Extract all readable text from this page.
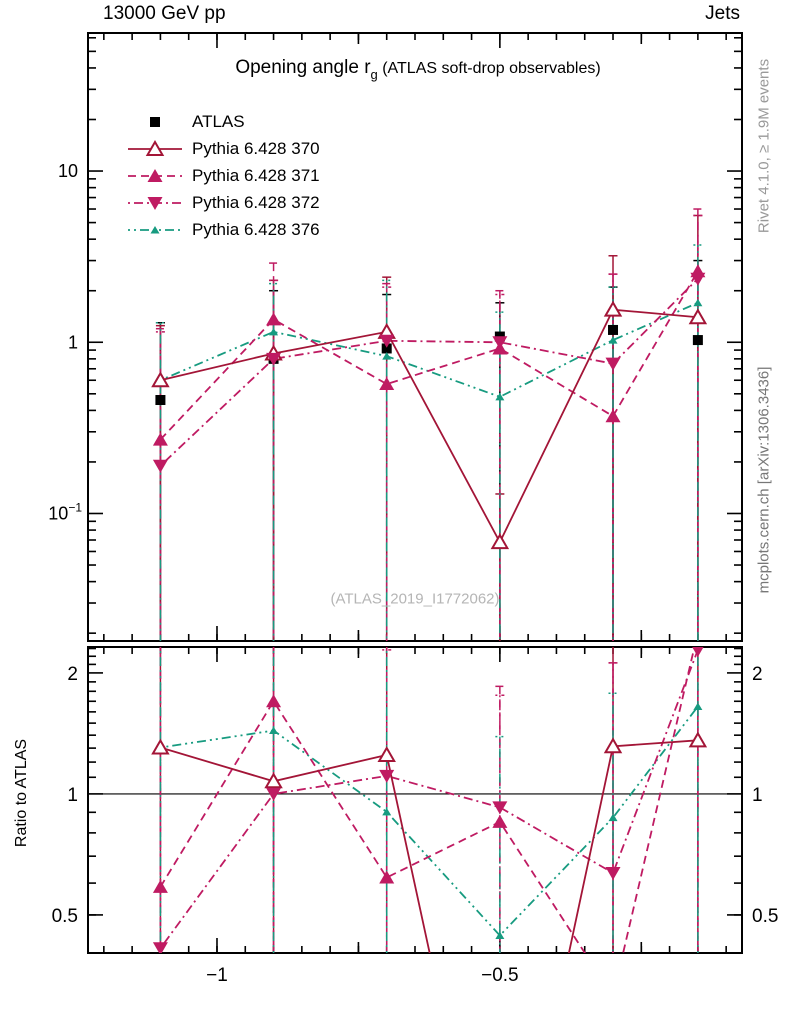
−1	−0.5
10
1
$10^{-1}$
2	2
1	1
0.5	0.5
13000 GeV pp	Jets
Opening angle $r_g$ (ATLAS soft-drop observables)
ATLAS
Pythia 6.428 370
Pythia 6.428 371
Pythia 6.428 372
Pythia 6.428 376
(ATLAS_2019_I1772062)
Rivet 4.1.0, ≥ 1.9M events
mcplots.cern.ch [arXiv:1306.3436]
Ratio to ATLAS
